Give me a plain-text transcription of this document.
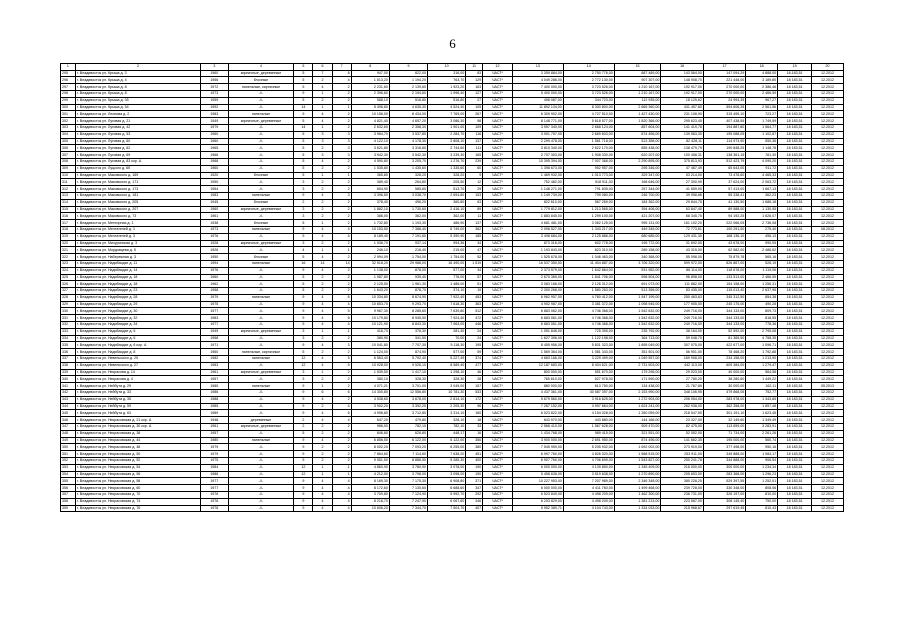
6
1	2	3	4	5	6	7	8	9	10	11	12	13	14	15	16	17	18	19	20
295	г. Владивосток ул. Крыша д. 3	1960	кирпичные, деревянные	5	7	8	947,00	822,00	316,00	83	ЧАСТ*	3 359 884,00	2 750 776,00	887 489,00	143 564,00	147 094,29	4 888,00	18.183,51	12.2012
296	г. Владивосток ул. Крыша д. 4	1956	блочные	5	2	4	1 513,20	1 194,20	763,70	129	ЧАСТ*	4 049 286,00	2 772 130,00	907 307,00	148 908,70	221 448,00	3 189,80	18 183,51	12.2012
297	г. Владивосток ул. Крыша д. 8	1972	панельные, кирпичные	5	4	2	2 231,60	2 139,60	1 923,20	163	ЧАСТ*	7 400 000,00	3 723 526,00	1 210 167,00	192 917,00	270 000,00	2 386,46	18 183,51	12.2012
298	г. Владивосток ул. Крыша д. 8	1973	-//-	9	1	2	2 396,60	2 194,60	1 996,40	127	ЧАСТ*	5 400 000,00	3 723 526,00	1 210 167,00	192 917,00	270 000,00	2 466,59	18 183,51	12.2012
299	г. Владивосток ул. Крыша д. 35	1959	-//-	5	2	2	588,10	516,80	516,80	27	ЧАСТ*	498 087,00	344 723,00	112 935,00	18 125,62	24 994,35	967,27	18 183,51	12.2012
300	г. Владивосток ул. Крыша д. 54	1992	-//-	14	1	1	5 498,80	4 635,30	4 524,40	105	ЧАСТ*	11 892 134,00	8 300 800,00	2 665 360,00	431 457,80	594 606,28	2 561,56	18 183,51	12.2012
301	г. Владивосток ул. Леонова д. 2	1983	панельные	9	4	2	10 156,00	8 434,00	7 769,00	267	ЧАСТ*	6 309 902,00	4 727 510,00	1 427 430,00	231 108,90	315 495,10	723,27	18 183,51	12.2012
302	г. Владивосток ул. Луговая д. 21	1949	кирпичные, деревянные	5	4	2	4 821,40	4 657,20	3 086,30	98	ЧАСТ*	8 148 771,00	5 618 577,00	1 820 366,00	295 623,45	407 438,55	1 749,59	18 183,51	12.2012
303	г. Владивосток ул. Луговая д. 42	1979	-//-	14	1	2	2 632,60	2 358,30	1 901,00	109	ЧАСТ*	3 957 340,00	2 668 124,00	857 604,00	141 419,78	194 887,80	1 564,77	18 183,51	12.2012
304	г. Владивосток ул. Луговая д. 53	1960	-//-	5	3	3	3 964,70	3 537,80	2 284,70	116	ЧАСТ*	3 901 757,00	2 669 603,00	874 456,00	139 563,30	195 088,05	1 102,87	18 183,51	12.2012
305	г. Владивосток ул. Луговая д. 60	1960	-//-	5	3	3	4 122,10	4 178,30	2 808,10	137	ЧАСТ*	2 299 478,00	1 581 718,00	513 358,00	82 428,11	114 973,90	550,36	18 183,51	12.2012
306	г. Владивосток ул. Луговая д. 62	1965	-//-	5	2	3	3 621,80	3 316,60	2 744,60	111	ЧАСТ*	3 810 340,00	2 622 170,00	855 438,00	138 479,79	190 848,25	1 148,78	18 183,51	12.2012
307	г. Владивосток ул. Луговая д. 69	1966	-//-	5	3	3	3 942,30	3 542,30	3 239,30	165	ЧАСТ*	2 707 303,00	1 908 330,00	620 207,00	100 458,31	138 361,15	781,30	18 183,51	12.2012
308	г. Владивосток ул. Луговая д. 83 кор. А	1968	-//-	5	4	2	4 590,80	3 205,70	1 276,70	239	ЧАСТ*	10 395 394,00	7 007 368,00	2 290 895,00	375 813,93	512 423,79	4 090,20	18 183,51	12.2012
309	г. Владивосток ул. Луцкого д. 6б	1960	-//-	5	2	2	1 535,80	1 435,60	1 335,60	60	ЧАСТ*	1 398 673,00	952 957,00	295 346,00	47 467,49	65 643,00	911,72	18 183,51	12.2012
310	г. Владивосток ул. Маковского д. 169	1920	блочные	5	1	1	365,80	328,20	328,20	9	ЧАСТ*	1 469 932,00	1 013 773,00	329 347,00	53 214,00	73 476,60	4 465,33	18 183,51	12.2012
311	г. Владивосток ул. Маковского д. 171	1950	-//-	3	2	2	389,40	264,80	205,50	12	ЧАСТ*	752 482,00	518 911,00	168 646,00	27 300,99	37 624,00	2 063,72	18 183,51	12.2012
312	г. Владивосток ул. Маковского д. 173	1954	-//-	3	2	2	654,90	585,60	513,70	29	ЧАСТ*	1 148 271,00	791 835,00	257 344,00	41 659,00	57 413,00	1 667,13	18 183,51	12.2012
313	г. Владивосток ул. Маковского д. 181	1983	панельные	9	4	3	3 396,50	3 038,70	2 694,80	153	ЧАСТ*	1 149 739,00	799 080,00	246 700,00	39 958,86	55 338,41	362,23	18 183,51	12.2012
314	г. Владивосток ул. Маковского д. 205	1945	блочные	2	2	2	378,40	496,20	360,80	63	ЧАСТ*	822 610,00	567 269,00	184 362,00	29 844,75	41 130,50	1 686,18	18 183,51	12.2012
315	г. Владивосток ул. Маковского д. 207	1960	кирпичные, деревянные	3	2	2	1 882,10	1 730,60	2 416,10	89	ЧАСТ*	1 779 812,00	1 213 565,00	394 406,00	63 847,40	89 588,00	1 130,55	18 183,51	12.2012
316	г. Владивосток ул. Маковского д. 73	1961	-//-	3	2	2	386,00	362,00	362,00	11	ЧАСТ*	1 883 845,00	1 299 100,00	421 207,00	68 345,75	94 192,25	1 626,07	18 183,51	12.2012
317	г. Владивосток ул. Метеорная д. 1	1938	блочные	5	1	2	1 732,80	1 193,30	486,90	137	ЧАСТ*	4 681 481,00	3 062 125,00	995 131,00	161 102,20	222 066,05	2 736,08	18 183,51	12.2012
318	г. Владивосток ул. Мечтателей д. 1	1973	панельные	9	4	4	10 153,50	7 388,40	6 749,00	362	ЧАСТ*	2 098 527,00	1 343 217,00	449 345,00	72 773,61	100 291,50	275,40	18 183,51	08.2012
319	г. Владивосток ул. Мечтателей д. 3	1976	-//-	9	4	4	8 189,40	7 191,60	5 390,90	185	ЧАСТ*	3 498 684,00	2 125 886,00	680 685,00	129 431,30	168 136,10	456,13	18 183,51	12.2012
320	г. Владивосток ул. Мичуринская д. 3	1928	кирпичные, деревянные	3	2	2	1 036,70	937,14	994,36	34	ЧАСТ*	873 316,00	602 778,00	195 772,00	31 692,00	43 678,00	990,05	18 183,51	12.2012
321	г. Владивосток ул. Мордовцева д. 5	1926	-//-	4	1	1	246,10	216,40	215,00	47	ЧАСТ*	1 193 843,00	823 310,00	289 158,00	43 315,00	62 582,00	2 486,62	18 183,51	12.2012
322	г. Владивосток ул. Набережная д. 3	1950	блочные	5	4	2	2 994,09	1 754,00	1 754,00	52	ЧАСТ*	1 525 678,00	1 046 463,00	340 368,00	55 098,00	75 879,78	565,16	18 183,51	12.2012
323	г. Владивосток ул. Надибаидзе д. 11	1994	панельные	16	14	14	32 518,20	29 988,00	16 490,00	1 519	ЧАСТ*	16 537 350,00	11 404 887,00	3 706 320,00	599 972,00	826 867,00	528,19	18 183,51	12.2012
324	г. Владивосток ул. Надибаидзе д. 14	1976	-//-	9	4	2	1 138,00	878,00	577,00	34	ЧАСТ*	2 373 579,00	1 642 864,00	531 952,00	86 114,00	118 678,00	1 119,06	18 183,51	12.2012
325	г. Владивосток ул. Надибаидзе д. 18	1960	-//-	5	2	2	1 087,80	939,40	776,00	57	ЧАСТ*	2 670 365,00	1 841 706,00	598 504,00	96 898,00	133 513,00	2 466,55	18 183,51	12.2012
326	г. Владивосток ул. Надибаидзе д. 18	1962	-//-	5	2	2	2 125,50	1 961,30	1 486,00	51	ЧАСТ*	3 083 168,00	2 126 312,00	691 073,00	111 882,00	154 158,00	1 256,31	18 183,51	12.2012
327	г. Владивосток ул. Надибаидзе д. 23	1958	-//-	5	2	2	1 643,20	878,70	374,10	19	ЧАСТ*	2 300 268,00	1 580 263,00	513 356,00	83 435,00	115 013,40	2 637,96	18 183,51	12.2012
328	г. Владивосток ул. Надибаидзе д. 28	1979	панельные	9	4	6	10 334,80	8 674,90	7 922,40	453	ЧАСТ*	6 962 957,00	4 760 412,00	1 547 199,00	250 463,63	345 312,50	854,38	18 183,51	12.2012
329	г. Владивосток ул. Надибаидзе д. 29	1975	-//-	9	4	4	10 653,70	9 293,70	7 618,30	363	ЧАСТ*	4 902 987,00	3 381 372,00	1 098 945,00	177 905,00	245 175,00	490,28	18 183,51	12.2012
330	г. Владивосток ул. Надибаидзе д. 30	1977	-//-	9	4	5	9 967,30	8 285,60	7 639,80	512	ЧАСТ*	6 883 062,00	4 746 368,00	1 542 632,00	249 716,00	344 133,00	809,73	18 183,51	12.2012
331	г. Владивосток ул. Надибаидзе д. 32	1983	-//-	9	4	6	10 179,80	8 945,50	7 924,40	472	ЧАСТ*	6 883 061,00	4 746 368,00	1 542 632,00	249 716,00	344 133,00	818,55	18 183,51	12.2012
332	г. Владивосток ул. Надибаидзе д. 34	1977	-//-	9	4	4	10 121,90	8 843,30	7 963,00	446	ЧАСТ*	6 883 061,00	4 746 368,00	1 542 632,00	249 716,00	344 133,00	778,36	18 183,51	12.2012
333	г. Владивосток ул. Надибаидзе д. 5	1949	кирпичные, деревянные	3	1	1	416,70	376,30	281,40	24	ЧАСТ*	1 051 846,00	725 395,00	235 792,00	38 164,00	52 592,00	2 795,08	18 183,51	12.2012
334	г. Владивосток ул. Надибаидзе д. 6	1958	-//-	3	2	2	380,90	341,50	70,00	24	ЧАСТ*	1 627 396,00	1 122 198,00	364 713,00	59 048,70	81 365,50	4 758,35	18 183,51	12.2012
335	г. Владивосток ул. Надибаидзе д. 6 кор. А	1971	-//-	9	4	3	10 041,80	7 707,30	5 118,30	195	ЧАСТ*	8 455 956,00	5 831 323,00	1 895 049,00	307 075,00	422 677,00	1 096,71	18 183,51	12.2012
336	г. Владивосток ул. Надибаидзе д. 8	1960	панельные, кирпичные	5	2	2	1 124,00	874,90	577,00	59	ЧАСТ*	1 569 364,00	1 081 343,00	351 501,00	56 901,00	78 468,20	1 792,88	18 183,51	12.2012
337	г. Владивосток ул. Невельского д. 25	1982	панельные	12	4	5	6 563,40	5 792,40	5 227,49	374	ЧАСТ*	4 683 166,00	3 229 499,00	1 049 557,00	169 908,00	234 158,00	1 213,90	18 183,51	12.2012
338	г. Владивосток ул. Невельского д. 27	1983	-//-	12	4	5	10 928,00	9 526,10	8 589,40	477	ЧАСТ*	12 187 683,00	8 404 621,00	2 731 503,00	442 113,00	609 384,00	1 279,47	18 183,51	12.2012
339	г. Владивосток ул. Некрасова д. 14	1961	кирпичные, деревянные	3	1	2	1 539,50	1 417,10	1 298,10	46	ЧАСТ*	800 000,00	551 670,00	179 296,00	29 023,00	40 000,00	564,58	18 183,51	12.2012
340	г. Владивосток ул. Некрасова д. 4	1957	-//-	3	2	2	380,10	328,30	328,30	28	ЧАСТ*	765 610,00	527 978,00	171 590,00	27 780,25	38 280,60	1 449,22	18 183,51	12.2012
341	г. Владивосток ул. Нейбута д. 29	1985	панельные	9	1	2	4 071,21	3 701,00	3 049,00	157	ЧАСТ*	880 000,00	613 750,00	134 438,00	21 767,89	30 000,00	162,11	18 183,51	05.2013
342	г. Владивосток ул. Нейбута д. 33	1986	-//-	9	6	6	14 300,80	12 556,80	10 781,30	533	ЧАСТ*	4 437 361,00	30 587 397,00	2 153 990,00	348 106,95	479 868,05	752,77	18 183,51	12.2012
343	г. Владивосток ул. Нейбута д. 35	1988	-//-	9	4	2	4 538,60	3 678,00	2 814,10	172	ЧАСТ*	5 679 560,00	3 916 625,00	1 272 903,00	206 054,00	283 978,00	1 343,85	18 183,51	12.2012
344	г. Владивосток ул. Нейбута д. 59	1985	-//-	9	2	4	3 902,20	3 392,20	2 205,30	96	ЧАСТ*	7 267 152,00	4 997 664,00	1 624 241,00	262 938,00	362 358,00	1 857,48	18 183,51	12.2012
345	г. Владивосток ул. Нейбута д. 63	1989	-//-	9	4	6	4 996,80	3 712,80	3 314,10	160	ЧАСТ*	6 023 822,00	4 154 028,00	1 350 059,00	218 547,50	301 191,10	1 623,45	18 183,51	12.2012
346	г. Владивосток ул. Некрасовская д. 21 кор. А	1948	деревянные	2	4	4	647,20	479,80	328,10	18	ЧАСТ*	643 970,00	443 880,00	144 166,00	23 327,00	32 149,60	1 349,49	18 183,51	12.2012
347	г. Владивосток ул. Некрасовская д. 30 кор. А	1961	кирпичные, деревянные	2	2	2	966,00	782,10	782,10	33	ЧАСТ*	2 568 410,00	1 567 628,00	509 470,00	82 475,00	113 659,00	3 283,91	18 183,51	12.2012
348	г. Владивосток ул. Некрасовская д. 38	1957	-//-	5	2	2	846,60	626,80	448,17	16	ЧАСТ*	1 434 768,00	989 415,00	321 551,00	52 052,00	71 734,00	2 261,26	18 183,51	12.2012
349	г. Владивосток ул. Некрасовская д. 44	1980	панельные	9	4	2	6 856,50	6 122,00	6 122,00	356	ЧАСТ*	3 900 000,00	2 691 950,00	874 496,00	141 662,35	195 000,00	560,74	18 183,51	12.2012
350	г. Владивосток ул. Некрасовская д. 48	1979	-//-	9	2	2	8 002,20	7 093,20	6 255,00	380	ЧАСТ*	7 545 959,00	5 205 932,00	1 692 002,00	273 919,00	377 498,00	950,16	18 183,51	12.2012
351	г. Владивосток ул. Некрасовская д. 50	1979	-//-	9	2	2	7 864,60	7 114,60	7 638,20	451	ЧАСТ*	6 997 760,00	4 826 020,00	1 568 515,00	253 911,00	349 888,00	1 084,17	18 183,51	12.2012
352	г. Владивосток ул. Некрасовская д. 52	1975	-//-	9	2	2	9 551,50	8 886,50	5 285,30	400	ЧАСТ*	6 907 760,00	4 706 699,00	1 543 827,00	250 241,78	344 888,00	906,54	18 183,51	12.2012
353	г. Владивосток ул. Некрасовская д. 54	1984	-//-	12	1	1	4 860,90	3 780,90	3 078,00	190	ЧАСТ*	6 000 000,00	4 139 850,00	1 345 409,00	216 000,00	300 000,00	1 234,34	18 183,51	12.2012
354	г. Владивосток ул. Некрасовская д. 56	1986	-//-	12	1	1	4 212,00	3 798,00	3 098,00	190	ЧАСТ*	5 458 638,00	3 519 638,00	1 270 890,00	205 653,00	283 368,00	1 296,23	18 183,51	12.2012
355	г. Владивосток ул. Некрасовская д. 58	1977	-//-	9	4	4	8 169,30	7 175,30	6 908,80	371	ЧАСТ*	10 227 953,00	7 207 989,00	2 346 348,00	380 228,25	529 397,55	1 252,01	18 183,51	12.2012
356	г. Владивосток ул. Некрасовская д. 60	1977	-//-	9	4	4	8 172,60	7 130,60	6 688,60	347	ЧАСТ*	6 000 000,00	4 411 760,00	1 499 468,00	239 728,00	330 348,00	808,56	18 183,51	12.2012
357	г. Владивосток ул. Некрасовская д. 70	1976	-//-	9	4	4	3 709,80	7 124,90	5 992,70	292	ЧАСТ*	6 523 849,00	4 498 209,00	1 462 300,00	236 731,00	326 197,00	810,00	18 183,51	12.2012
358	г. Владивосток ул. Некрасовская д. 74	1978	-//-	9	4	4	8 216,70	7 247,90	6 067,60	346	ЧАСТ*	6 203 829,00	4 498 209,00	1 381 213,00	223 587,00	308 145,40	750,00	18 183,51	12.2012
359	г. Владивосток ул. Некрасовская д. 76	1978	-//-	9	4	4	10 606,20	7 344,70	7 504,70	407	ЧАСТ*	5 952 389,71	4 104 743,00	1 334 033,00	215 968,67	297 619,45	810,43	18 183,51	12.2012
